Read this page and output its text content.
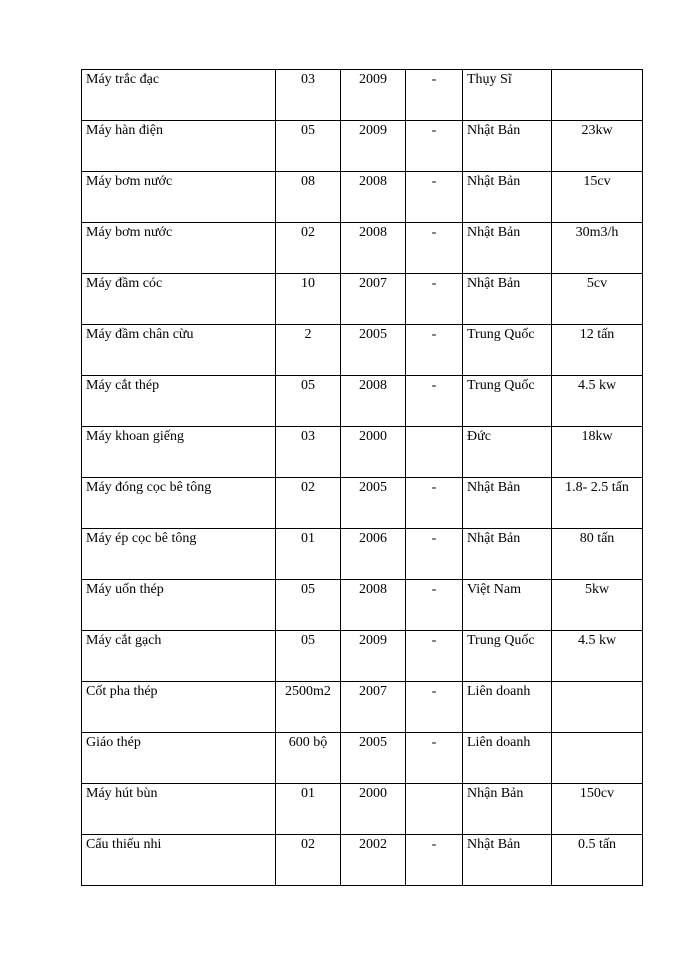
Máy trắc đạc	03	2009	-	Thụy Sĩ	
Máy hàn điện	05	2009	-	Nhật Bản	23kw
Máy bơm nước	08	2008	-	Nhật Bản	15cv
Máy bơm nước	02	2008	-	Nhật Bản	30m3/h
Máy đầm cóc	10	2007	-	Nhật Bản	5cv
Máy đầm chân cừu	2	2005	-	Trung Quốc	12 tấn
Máy cắt thép	05	2008	-	Trung Quốc	4.5 kw
Máy khoan giếng	03	2000		Đức	18kw
Máy đóng cọc bê tông	02	2005	-	Nhật Bản	1.8- 2.5 tấn
Máy ép cọc bê tông	01	2006	-	Nhật Bản	80 tấn
Máy uốn thép	05	2008	-	Việt Nam	5kw
Máy cắt gạch	05	2009	-	Trung Quốc	4.5 kw
Cốt pha thép	2500m2	2007	-	Liên doanh	
Giáo thép	600 bộ	2005	-	Liên doanh	
Máy hút bùn	01	2000		Nhận Bản	150cv
Cẩu thiếu nhi	02	2002	-	Nhật Bản	0.5 tấn
